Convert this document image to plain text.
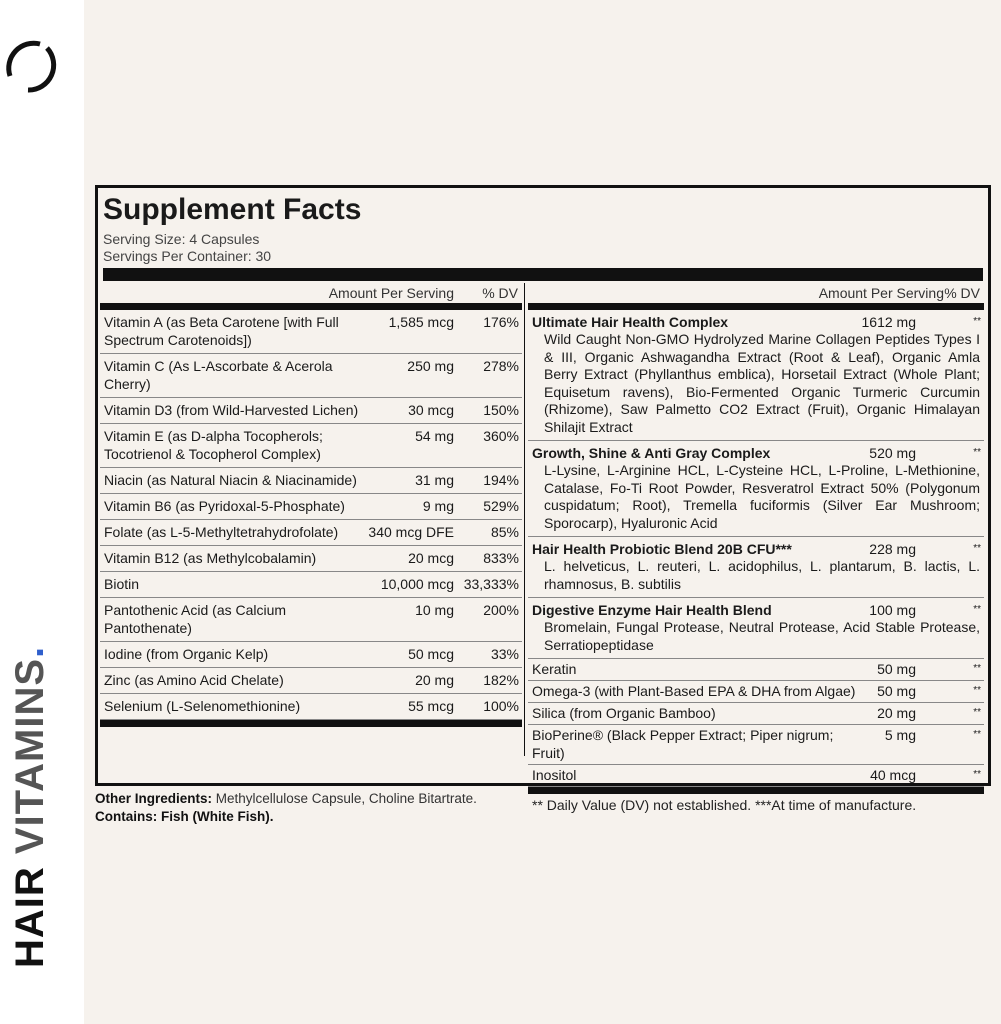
HAIR VITAMINS.
Supplement Facts
Serving Size: 4 Capsules
Servings Per Container: 30
Amount Per Serving % DV
Vitamin A (as Beta Carotene [with Full Spectrum Carotenoids])
1,585 mcg 176%
Vitamin C (As L-Ascorbate & Acerola Cherry)
250 mg 278%
Vitamin D3 (from Wild-Harvested Lichen)	30 mcg 150%
Vitamin E (as D-alpha Tocopherols; Tocotrienol & Tocopherol Complex)
54 mg 360%
Niacin (as Natural Niacin & Niacinamide)	31 mg 194%
Vitamin B6 (as Pyridoxal-5-Phosphate)	9 mg 529%
Folate (as L-5-Methyltetrahydrofolate)	340 mcg DFE	85%
Vitamin B12 (as Methylcobalamin)	20 mcg 833%
Biotin	10,000 mcg 33,333%
Pantothenic Acid (as Calcium Pantothenate)
10 mg 200%
Iodine (from Organic Kelp)	50 mcg	33%
Zinc (as Amino Acid Chelate)	20 mg 182%
Selenium (L-Selenomethionine)	55 mcg 100%
Amount Per Serving % DV
Ultimate Hair Health Complex	1612 mg	**
Wild Caught Non-GMO Hydrolyzed Marine Collagen Peptides Types I & III, Organic Ashwagandha Extract (Root & Leaf), Organic Amla Berry Extract (Phyllanthus emblica), Horsetail Extract (Whole Plant; Equisetum ravens), Bio-Fermented Organic Turmeric Curcumin (Rhizome), Saw Palmetto CO2 Extract (Fruit), Organic Himalayan Shilajit Extract
Growth, Shine & Anti Gray Complex	520 mg	**
L-Lysine, L-Arginine HCL, L-Cysteine HCL, L-Proline, L-Methionine, Catalase, Fo-Ti Root Powder, Resveratrol Extract 50% (Polygonum cuspidatum; Root), Tremella fuciformis (Silver Ear Mushroom; Sporocarp), Hyaluronic Acid
Hair Health Probiotic Blend 20B CFU***	228 mg	**
L. helveticus, L. reuteri, L. acidophilus, L. plantarum, B. lactis, L. rhamnosus, B. subtilis
Digestive Enzyme Hair Health Blend	100 mg	**
Bromelain, Fungal Protease, Neutral Protease, Acid Stable Protease, Serratiopeptidase
Keratin	50 mg	**
Omega-3 (with Plant-Based EPA & DHA from Algae)	50 mg	**
Silica (from Organic Bamboo)	20 mg	**
BioPerine® (Black Pepper Extract; Piper nigrum; Fruit)
5 mg	**
Inositol	40 mcg	**
** Daily Value (DV) not established. ***At time of manufacture.
Other Ingredients: Methylcellulose Capsule, Choline Bitartrate.
Contains: Fish (White Fish).
